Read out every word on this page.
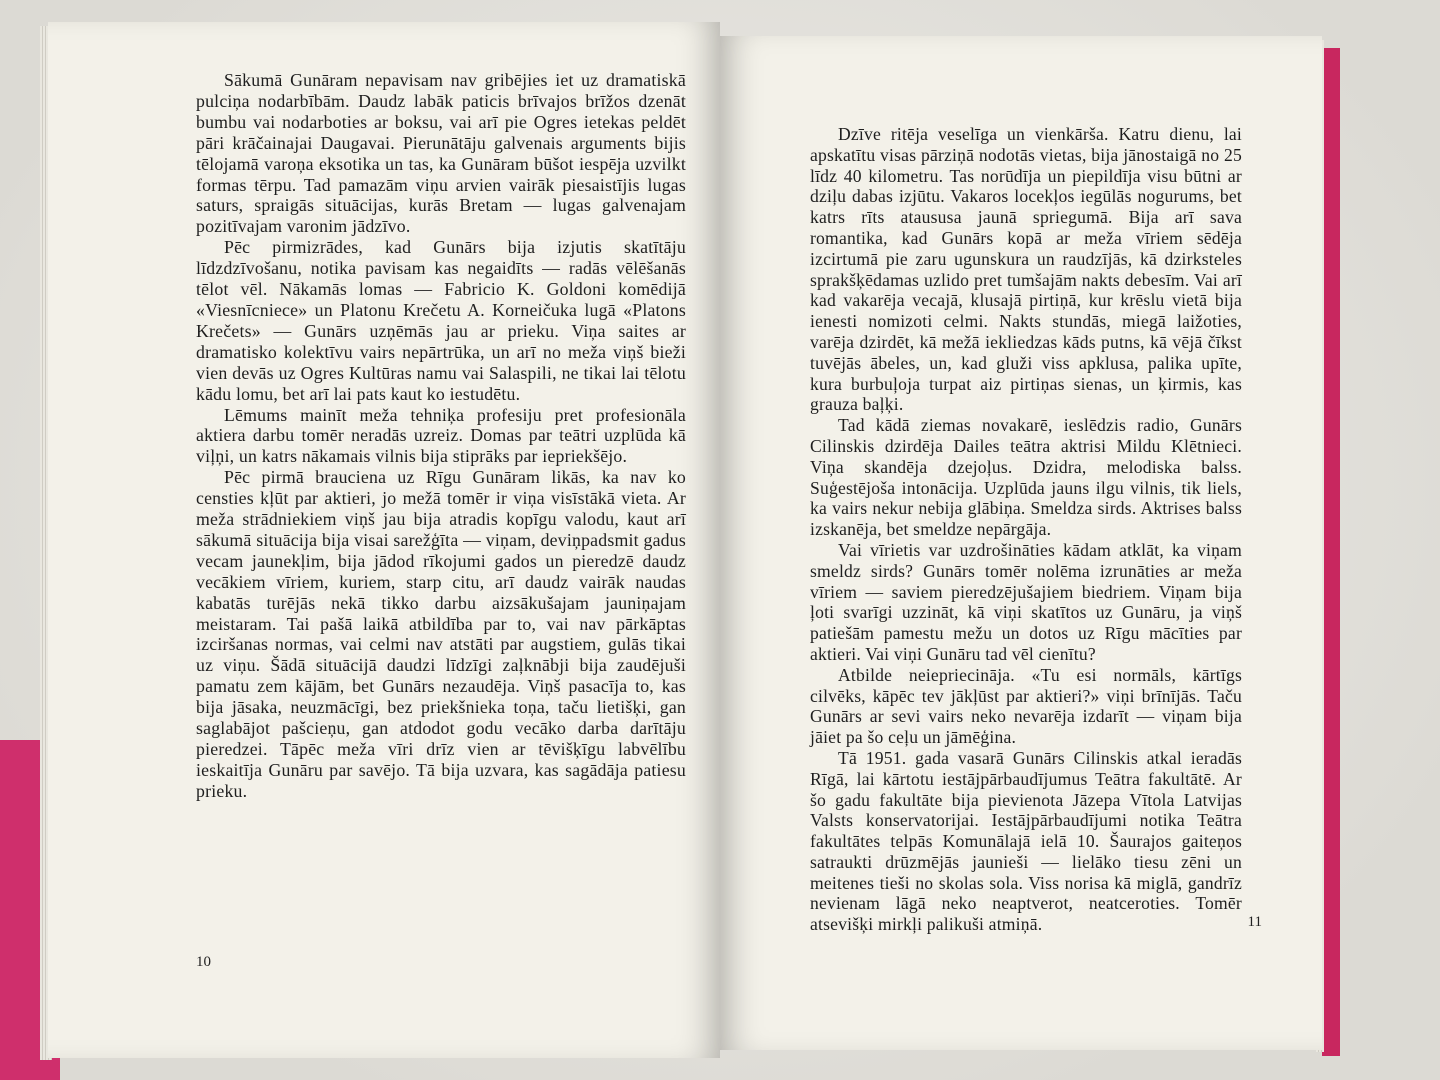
Sākumā Gunāram nepavisam nav gribējies iet uz dramatiskā pulciņa nodarbībām. Daudz labāk paticis brīvajos brīžos dzenāt bumbu vai nodarboties ar boksu, vai arī pie Ogres ietekas peldēt pāri krāčainajai Daugavai. Pierunātāju galvenais arguments bijis tēlojamā varoņa eksotika un tas, ka Gunāram būšot iespēja uzvilkt formas tērpu. Tad pamazām viņu arvien vairāk piesaistījis lugas saturs, spraigās situācijas, kurās Bretam — lugas galvenajam pozitīvajam varonim jādzīvo.

Pēc pirmizrādes, kad Gunārs bija izjutis skatītāju līdzdzīvošanu, notika pavisam kas negaidīts — radās vēlēšanās tēlot vēl. Nākamās lomas — Fabricio K. Goldoni komēdijā «Viesnīcniece» un Platonu Krečetu A. Korneičuka lugā «Platons Krečets» — Gunārs uzņēmās jau ar prieku. Viņa saites ar dramatisko kolektīvu vairs nepārtrūka, un arī no meža viņš bieži vien devās uz Ogres Kultūras namu vai Salaspili, ne tikai lai tēlotu kādu lomu, bet arī lai pats kaut ko iestudētu.

Lēmums mainīt meža tehniķa profesiju pret profesionāla aktiera darbu tomēr neradās uzreiz. Domas par teātri uzplūda kā viļņi, un katrs nākamais vilnis bija stiprāks par iepriekšējo.

Pēc pirmā brauciena uz Rīgu Gunāram likās, ka nav ko censties kļūt par aktieri, jo mežā tomēr ir viņa visīstākā vieta. Ar meža strādniekiem viņš jau bija atradis kopīgu valodu, kaut arī sākumā situācija bija visai sarežģīta — viņam, deviņpadsmit gadus vecam jaunekļim, bija jādod rīkojumi gados un pieredzē daudz vecākiem vīriem, kuriem, starp citu, arī daudz vairāk naudas kabatās turējās nekā tikko darbu aizsākušajam jauniņajam meistaram. Tai pašā laikā atbildība par to, vai nav pārkāptas izciršanas normas, vai celmi nav atstāti par augstiem, gulās tikai uz viņu. Šādā situācijā daudzi līdzīgi zaļknābji bija zaudējuši pamatu zem kājām, bet Gunārs nezaudēja. Viņš pasacīja to, kas bija jāsaka, neuzmācīgi, bez priekšnieka toņa, taču lietišķi, gan saglabājot pašcieņu, gan atdodot godu vecāko darba darītāju pieredzei. Tāpēc meža vīri drīz vien ar tēvišķīgu labvēlību ieskaitīja Gunāru par savējo. Tā bija uzvara, kas sagādāja patiesu prieku.

10

Dzīve ritēja veselīga un vienkārša. Katru dienu, lai apskatītu visas pārziņā nodotās vietas, bija jānostaigā no 25 līdz 40 kilometru. Tas norūdīja un piepildīja visu būtni ar dziļu dabas izjūtu. Vakaros locekļos iegūlās nogurums, bet katrs rīts ataususa jaunā spriegumā. Bija arī sava romantika, kad Gunārs kopā ar meža vīriem sēdēja izcirtumā pie zaru ugunskura un raudzījās, kā dzirksteles sprakšķēdamas uzlido pret tumšajām nakts debesīm. Vai arī kad vakarēja vecajā, klusajā pirtiņā, kur krēslu vietā bija ienesti nomizoti celmi. Nakts stundās, miegā laižoties, varēja dzirdēt, kā mežā iekliedzas kāds putns, kā vējā čīkst tuvējās ābeles, un, kad gluži viss apklusa, palika upīte, kura burbuļoja turpat aiz pirtiņas sienas, un ķirmis, kas grauza baļķi.

Tad kādā ziemas novakarē, ieslēdzis radio, Gunārs Cilinskis dzirdēja Dailes teātra aktrisi Mildu Klētnieci. Viņa skandēja dzejoļus. Dzidra, melodiska balss. Suģestējoša intonācija. Uzplūda jauns ilgu vilnis, tik liels, ka vairs nekur nebija glābiņa. Smeldza sirds. Aktrises balss izskanēja, bet smeldze nepārgāja.

Vai vīrietis var uzdrošināties kādam atklāt, ka viņam smeldz sirds? Gunārs tomēr nolēma izrunāties ar meža vīriem — saviem pieredzējušajiem biedriem. Viņam bija ļoti svarīgi uzzināt, kā viņi skatītos uz Gunāru, ja viņš patiešām pamestu mežu un dotos uz Rīgu mācīties par aktieri. Vai viņi Gunāru tad vēl cienītu?

Atbilde neiepriecināja. «Tu esi normāls, kārtīgs cilvēks, kāpēc tev jākļūst par aktieri?» viņi brīnījās. Taču Gunārs ar sevi vairs neko nevarēja izdarīt — viņam bija jāiet pa šo ceļu un jāmēģina.

Tā 1951. gada vasarā Gunārs Cilinskis atkal ieradās Rīgā, lai kārtotu iestājpārbaudījumus Teātra fakultātē. Ar šo gadu fakultāte bija pievienota Jāzepa Vītola Latvijas Valsts konservatorijai. Iestājpārbaudījumi notika Teātra fakultātes telpās Komunālajā ielā 10. Šaurajos gaiteņos satraukti drūzmējās jaunieši — lielāko tiesu zēni un meitenes tieši no skolas sola. Viss norisa kā miglā, gandrīz nevienam lāgā neko neaptverot, neatceroties. Tomēr atsevišķi mirkļi palikuši atmiņā.	11
